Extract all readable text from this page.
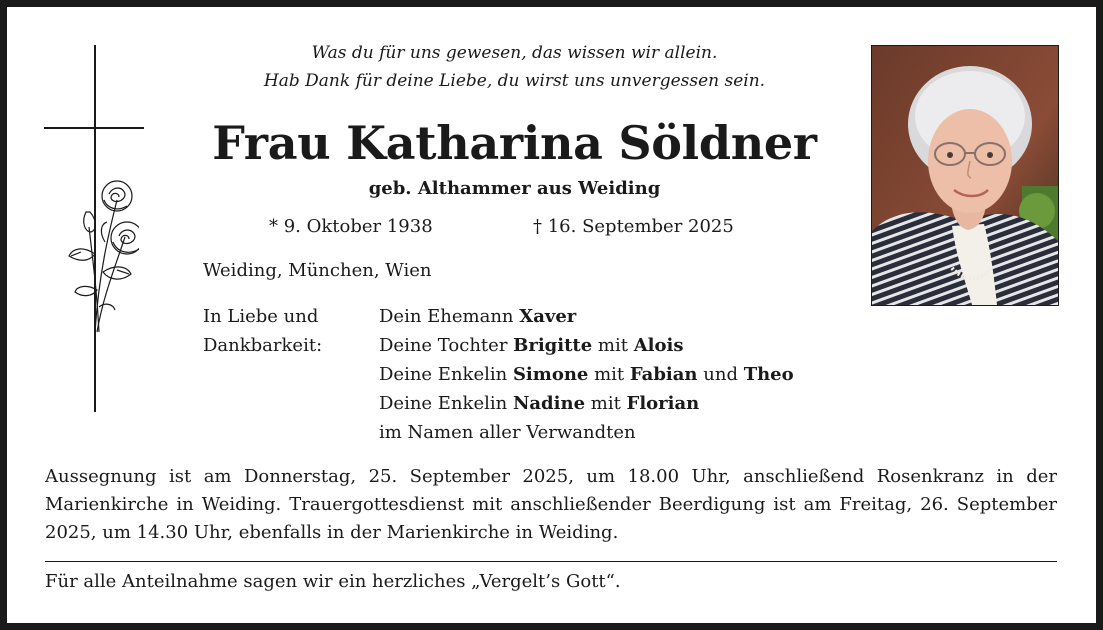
Was du für uns gewesen, das wissen wir allein.
Hab Dank für deine Liebe, du wirst uns unvergessen sein.
Frau Katharina Söldner
geb. Althammer aus Weiding
* 9. Oktober 1938	† 16. September 2025
Weiding, München, Wien
In Liebe und
Dankbarkeit:
Dein Ehemann Xaver
Deine Tochter Brigitte mit Alois
Deine Enkelin Simone mit Fabian und Theo
Deine Enkelin Nadine mit Florian
im Namen aller Verwandten
Aussegnung ist am Donnerstag, 25. September 2025, um 18.00 Uhr, anschließend Rosenkranz in der Marienkirche in Weiding. Trauergottesdienst mit anschließender Beerdigung ist am Freitag, 26. September 2025, um 14.30 Uhr, ebenfalls in der Marienkirche in Weiding.
Für alle Anteilnahme sagen wir ein herzliches „Vergelt’s Gott“.
